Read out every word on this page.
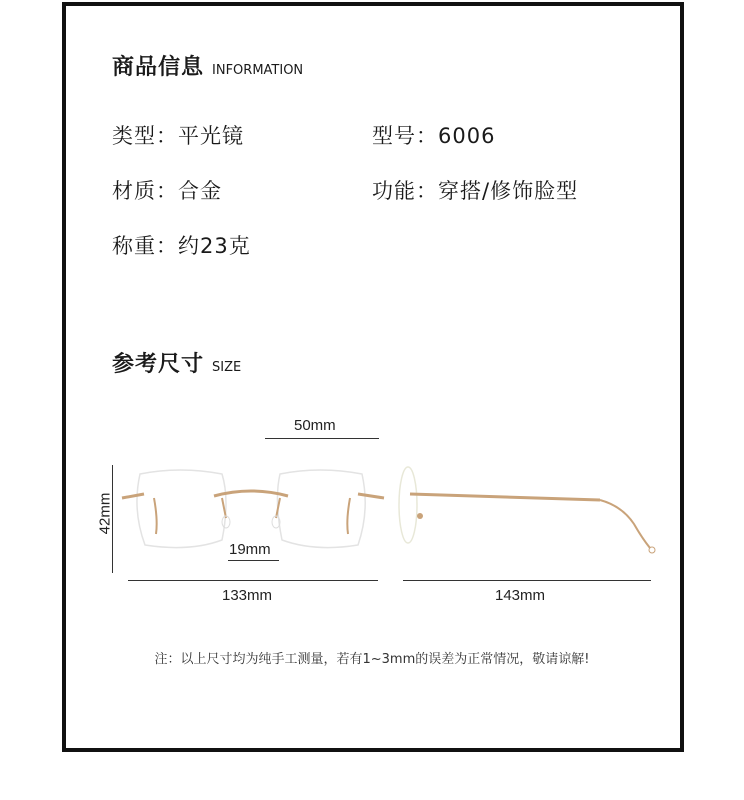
商品信息 INFORMATION
类型：平光镜	型号：6006
材质：合金	功能：穿搭/修饰脸型
称重：约23克
参考尺寸 SIZE
50mm
42mm
19mm
133mm	143mm
注：以上尺寸均为纯手工测量，若有1~3mm的误差为正常情况，敬请谅解!
